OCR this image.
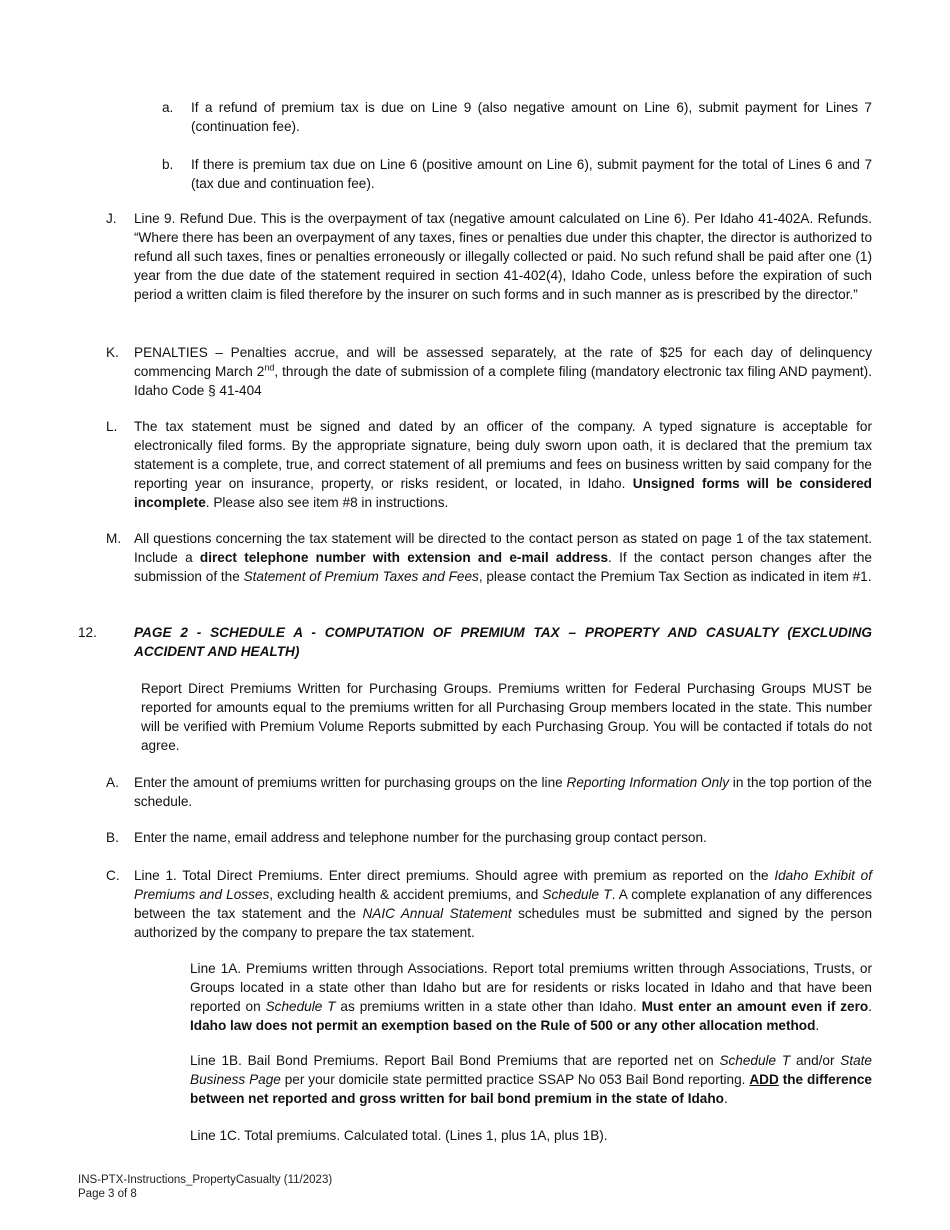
a. If a refund of premium tax is due on Line 9 (also negative amount on Line 6), submit payment for Lines 7 (continuation fee).

b. If there is premium tax due on Line 6 (positive amount on Line 6), submit payment for the total of Lines 6 and 7 (tax due and continuation fee).

J. Line 9. Refund Due. This is the overpayment of tax (negative amount calculated on Line 6). Per Idaho 41-402A. Refunds. “Where there has been an overpayment of any taxes, fines or penalties due under this chapter, the director is authorized to refund all such taxes, fines or penalties erroneously or illegally collected or paid. No such refund shall be paid after one (1) year from the due date of the statement required in section 41-402(4), Idaho Code, unless before the expiration of such period a written claim is filed therefore by the insurer on such forms and in such manner as is prescribed by the director.”

K. PENALTIES – Penalties accrue, and will be assessed separately, at the rate of $25 for each day of delinquency commencing March 2nd, through the date of submission of a complete filing (mandatory electronic tax filing AND payment). Idaho Code § 41-404

L. The tax statement must be signed and dated by an officer of the company. A typed signature is acceptable for electronically filed forms. By the appropriate signature, being duly sworn upon oath, it is declared that the premium tax statement is a complete, true, and correct statement of all premiums and fees on business written by said company for the reporting year on insurance, property, or risks resident, or located, in Idaho. Unsigned forms will be considered incomplete. Please also see item #8 in instructions.

M. All questions concerning the tax statement will be directed to the contact person as stated on page 1 of the tax statement. Include a direct telephone number with extension and e-mail address. If the contact person changes after the submission of the Statement of Premium Taxes and Fees, please contact the Premium Tax Section as indicated in item #1.

12.	PAGE 2 - SCHEDULE A - COMPUTATION OF PREMIUM TAX – PROPERTY AND CASUALTY (EXCLUDING ACCIDENT AND HEALTH)

Report Direct Premiums Written for Purchasing Groups. Premiums written for Federal Purchasing Groups MUST be reported for amounts equal to the premiums written for all Purchasing Group members located in the state. This number will be verified with Premium Volume Reports submitted by each Purchasing Group. You will be contacted if totals do not agree.

A. Enter the amount of premiums written for purchasing groups on the line Reporting Information Only in the top portion of the schedule.

B. Enter the name, email address and telephone number for the purchasing group contact person.

C. Line 1. Total Direct Premiums. Enter direct premiums. Should agree with premium as reported on the Idaho Exhibit of Premiums and Losses, excluding health & accident premiums, and Schedule T. A complete explanation of any differences between the tax statement and the NAIC Annual Statement schedules must be submitted and signed by the person authorized by the company to prepare the tax statement.

Line 1A. Premiums written through Associations. Report total premiums written through Associations, Trusts, or Groups located in a state other than Idaho but are for residents or risks located in Idaho and that have been reported on Schedule T as premiums written in a state other than Idaho. Must enter an amount even if zero. Idaho law does not permit an exemption based on the Rule of 500 or any other allocation method.

Line 1B. Bail Bond Premiums. Report Bail Bond Premiums that are reported net on Schedule T and/or State Business Page per your domicile state permitted practice SSAP No 053 Bail Bond reporting. ADD the difference between net reported and gross written for bail bond premium in the state of Idaho.

Line 1C. Total premiums. Calculated total. (Lines 1, plus 1A, plus 1B).

INS-PTX-Instructions_PropertyCasualty (11/2023)
Page 3 of 8
